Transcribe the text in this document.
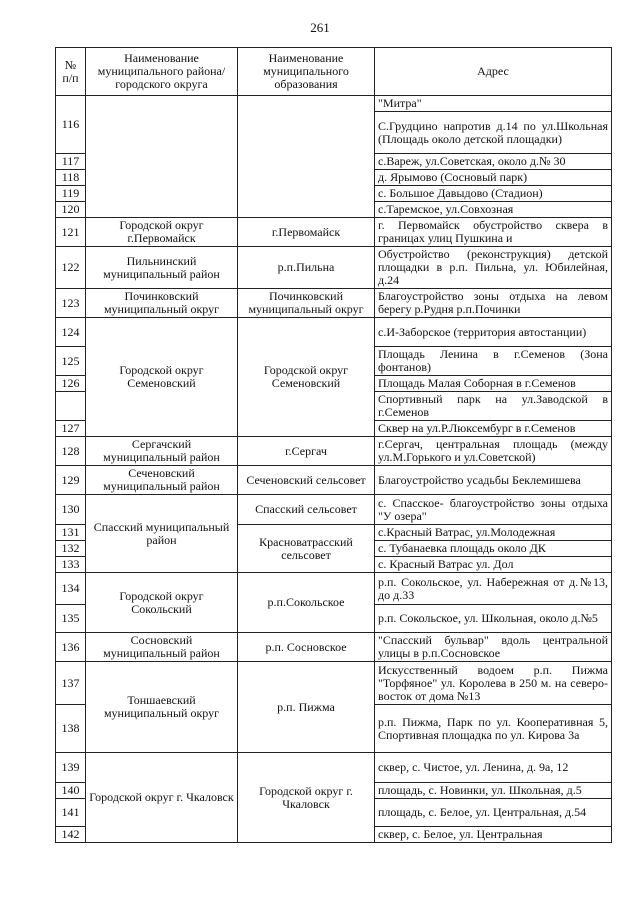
261
№ п/п	Наименование муниципального района/ городского округа	Наименование муниципального образования	Адрес
116			"Митра"
			С.Грудцино напротив д.14 по ул.Школьная (Площадь около детской площадки)
117			с.Вареж, ул.Советская, около д.№ 30
118			д. Ярымово (Сосновый парк)
119			с. Большое Давыдово (Стадион)
120			с.Таремское, ул.Совхозная
121	Городской округ г.Первомайск	г.Первомайск	г. Первомайск обустройство сквера в границах улиц Пушкина и
122	Пильнинский муниципальный район	р.п.Пильна	Обустройство (реконструкция) детской площадки в р.п. Пильна, ул. Юбилейная, д.24
123	Починковский муниципальный округ	Починковский муниципальный округ	Благоустройство зоны отдыха на левом берегу р.Рудня р.п.Починки
124	Городской округ Семеновский	Городской округ Семеновский	с.И-Заборское (территория автостанции)
125			Площадь Ленина в г.Семенов (Зона фонтанов)
126			Площадь Малая Соборная в г.Семенов
			Спортивный парк на ул.Заводской в г.Семенов
127			Сквер на ул.Р.Люксембург в г.Семенов

128	Сергачский муниципальный район	г.Сергач	г.Сергач, центральная площадь (между ул.М.Горького и ул.Советской)
129	Сеченовский муниципальный район	Сеченовский сельсовет	Благоустройство усадьбы Беклемишева
130	Спасский муниципальный район	Спасский сельсовет	с. Спасское- благоустройство зоны отдыха "У озера"
131		Красноватрасский сельсовет	с.Красный Ватрас, ул.Молодежная
132			с. Тубанаевка площадь около ДК
133			с. Красный Ватрас ул. Дол
134	Городской округ Сокольский	р.п.Сокольское	р.п. Сокольское, ул. Набережная от д.№13, до д.33
135			р.п. Сокольское, ул. Школьная, около д.№5
136	Сосновский муниципальный район	р.п. Сосновское	"Спасский бульвар" вдоль центральной улицы в р.п.Сосновское
137	Тоншаевский муниципальный округ	р.п. Пижма	Искусственный водоем р.п. Пижма "Торфяное" ул. Королева в 250 м. на северо-восток от дома №13
138			р.п. Пижма, Парк по ул. Кооперативная 5, Спортивная площадка по ул. Кирова 3а
139	Городской округ г. Чкаловск	Городской округ г. Чкаловск	сквер, с. Чистое, ул. Ленина, д. 9а, 12
140			площадь, с. Новинки, ул. Школьная, д.5
141			площадь, с. Белое, ул. Центральная, д.54
142			сквер, с. Белое, ул. Центральная
